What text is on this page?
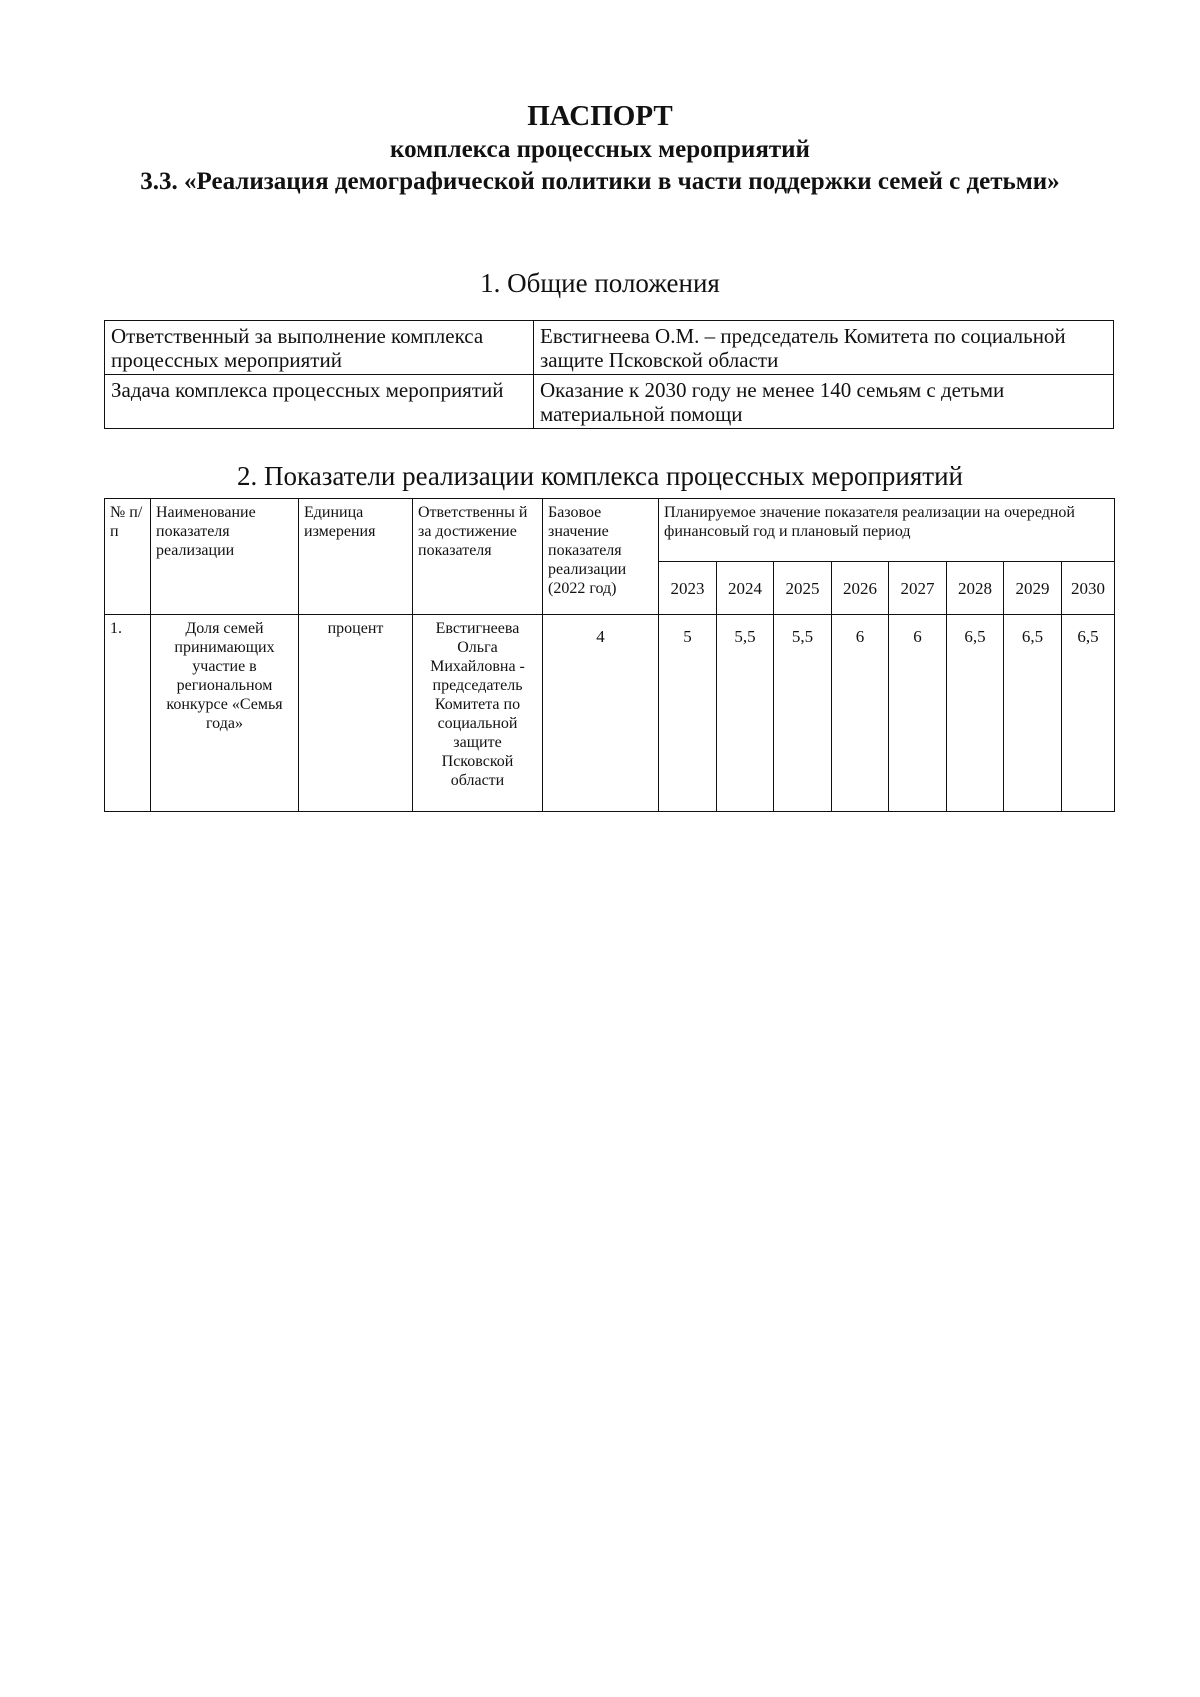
ПАСПОРТ
комплекса процессных мероприятий
3.3. «Реализация демографической политики в части поддержки семей с детьми»
1. Общие положения
Ответственный за выполнение комплекса процессных мероприятий	Евстигнеева О.М. – председатель Комитета по социальной защите Псковской области
Задача комплекса процессных мероприятий	Оказание к 2030 году не менее 140 семьям с детьми материальной помощи
2. Показатели реализации комплекса процессных мероприятий
№ п/п	Наименование показателя реализации	Единица измерения	Ответственны й за достижение показателя	Базовое значение показателя реализации (2022 год)	Планируемое значение показателя реализации на очередной финансовый год и плановый период							
					2023	2024	2025	2026	2027	2028	2029	2030
1.	Доля семей принимающих участие в региональном конкурсе «Семья года»	процент	Евстигнеева Ольга Михайловна - председатель Комитета по социальной защите Псковской области	4	5	5,5	5,5	6	6	6,5	6,5	6,5
